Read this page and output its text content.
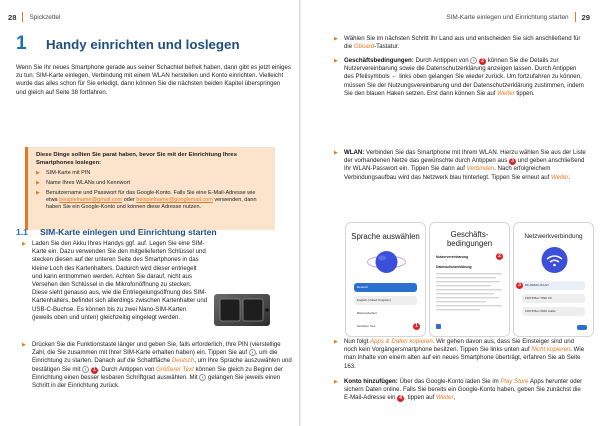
28 Spickzettel
1	Handy einrichten und loslegen

Wenn Sie Ihr neues Smartphone gerade aus seiner Schachtel befreit haben, dann gibt es jetzt einiges zu tun: SIM-Karte einlegen, Verbindung mit einem WLAN herstellen und Konto einrichten. Vielleicht wurde das alles schon für Sie erledigt, dann können Sie die nächsten beiden Kapitel überspringen und gleich auf Seite 38 fortfahren.

Diese Dinge sollten Sie parat haben, bevor Sie mit der Einrichtung Ihres Smartphones loslegen:

▶ SIM-Karte mit PIN
▶ Name Ihres WLANs und Kennwort
▶ Benutzername und Passwort für das Google-Konto. Falls Sie eine E-Mail-Adresse wie etwa beispielname@gmail.com oder beispielname@googlemail.com verwenden, dann haben Sie ein Google-Konto und können diese Adresse nutzen.
1.1	SIM-Karte einlegen und Einrichtung starten

▶ Laden Sie den Akku Ihres Handys ggf. auf. Legen Sie eine SIM-Karte ein. Dazu verwenden Sie den mitgelieferten Schlüssel und stecken diesen auf der unteren Seite des Smartphones in das kleine Loch des Kartenhalters. Dadurch wird dieser entriegelt und kann entnommen werden. Achten Sie darauf, nicht aus Versehen den Schlüssel in die Mikrofonöffnung zu stecken. Diese sieht genauso aus, wie die Entriegelungsöffnung des SIM-Kartenhalters, befindet sich allerdings zwischen Kartenhalter und USB-C-Buchse. Es können bis zu zwei Nano-SIM-Karten (jeweils oben und unten) gleichzeitig eingelegt werden.

▶ Drücken Sie die Funktionstaste länger und geben Sie, falls erforderlich, Ihre PIN (vierstellige Zahl, die Sie zusammen mit Ihrer SIM-Karte erhalten haben) ein. Tippen Sie auf › , um die Einrichtung zu starten. Danach auf die Schaltfläche Deutsch, um Ihre Sprache auszuwählen und bestätigen Sie mit › 1 . Durch Antippen von Größerer Text können Sie gleich zu Beginn der Einrichtung einen besser lesbaren Schriftgrad auswählen. Mit ‹ gelangen Sie jeweils einen Schritt in der Einrichtung zurück.

SIM-Karte einlegen und Einrichtung starten 29

▶ Wählen Sie im nächsten Schritt Ihr Land aus und entscheiden Sie sich anschließend für die Gboard-Tastatur.

▶ Geschäftsbedingungen: Durch Antippen von › 2 können Sie die Details zur Nutzervereinbarung sowie die Datenschutzerklärung anzeigen lassen. Durch Antippen des Pfeilsymbols ← links oben gelangen Sie wieder zurück. Um fortzufahren zu können, müssen Sie der Nutzungsvereinbarung und der Datenschutzerklärung zustimmen, indem Sie den blauen Haken setzen. Erst dann können Sie auf Weiter tippen.

▶ WLAN: Verbinden Sie das Smartphone mit Ihrem WLAN. Hierzu wählen Sie aus der Liste der vorhandenen Netze das gewünschte durch Antippen aus 3 und geben anschließend Ihr WLAN-Passwort ein. Tippen Sie dann auf Verbinden. Nach erfolgreichem Verbindungsaufbau wird das Netzwerk blau hinterlegt. Tippen Sie erneut auf Weiter.

Sprache auswählen
Deutsch
English (United Kingdom)
Barrierefreiheit
Größerer Text	1
Geschäftsbedingungen
Nutzervereinbarung	2
Datenschutzerklärung
Netzwerkverbindung
BK-DEMO-WLAN
3
FRITZ!Box 7590 XX
FRITZ!Box 6660 Cable

▶ Nun folgt Apps & Daten kopieren. Wir gehen davon aus, dass Sie Einsteiger sind und noch kein Vorgängersmartphone besitzen. Tippen Sie links unten auf Nicht kopieren. Wie man Inhalte von einem alten auf ein neues Smartphone überträgt, erfahren Sie ab Seite 163.

▶ Konto hinzufügen: Über das Google-Konto laden Sie im Play Store Apps herunter oder sichern Daten online. Falls Sie bereits ein Google-Konto haben, geben Sie zunächst die E-Mail-Adresse ein 4 , tippen auf Weiter,
